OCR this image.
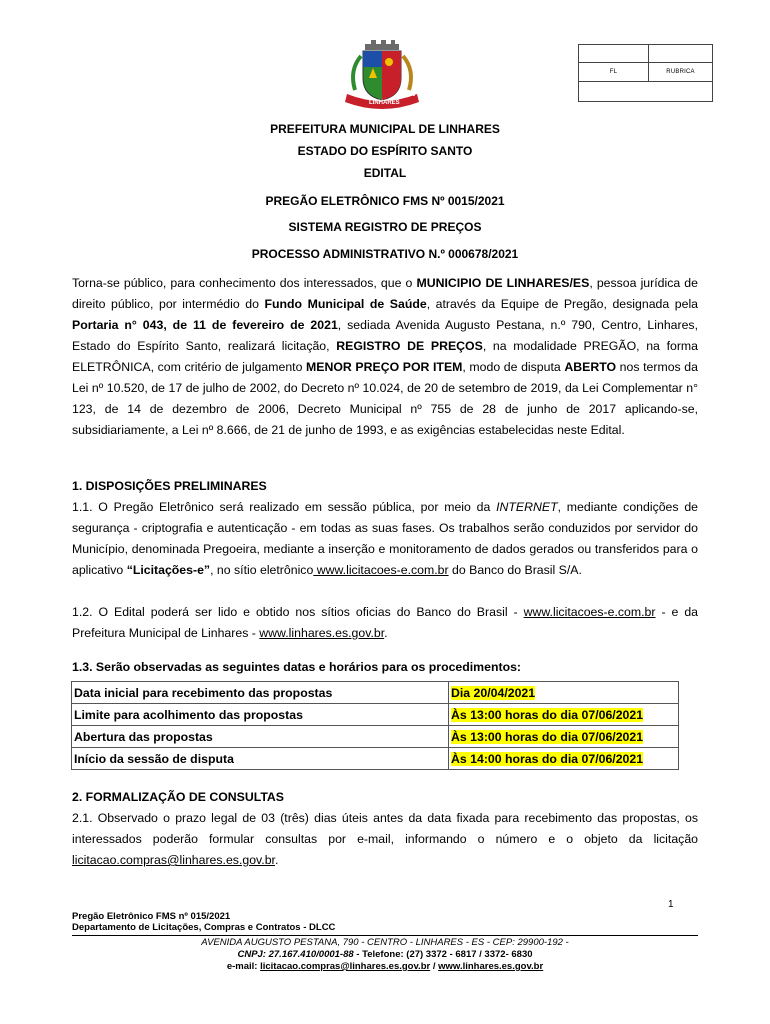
1800	1943
LINHARES
FL	RUBRICA
PREFEITURA MUNICIPAL DE LINHARES
ESTADO DO ESPÍRITO SANTO
EDITAL
PREGÃO ELETRÔNICO FMS Nº 0015/2021
SISTEMA REGISTRO DE PREÇOS
PROCESSO ADMINISTRATIVO N.º 000678/2021
Torna-se público, para conhecimento dos interessados, que o MUNICIPIO DE LINHARES/ES, pessoa jurídica de direito público, por intermédio do Fundo Municipal de Saúde, através da Equipe de Pregão, designada pela Portaria n° 043, de 11 de fevereiro de 2021, sediada Avenida Augusto Pestana, n.º 790, Centro, Linhares, Estado do Espírito Santo, realizará licitação, REGISTRO DE PREÇOS, na modalidade PREGÃO, na forma ELETRÔNICA, com critério de julgamento MENOR PREÇO POR ITEM, modo de disputa ABERTO nos termos da Lei nº 10.520, de 17 de julho de 2002, do Decreto nº 10.024, de 20 de setembro de 2019, da Lei Complementar n° 123, de 14 de dezembro de 2006, Decreto Municipal nº 755 de 28 de junho de 2017 aplicando-se, subsidiariamente, a Lei nº 8.666, de 21 de junho de 1993, e as exigências estabelecidas neste Edital.
1. DISPOSIÇÕES PRELIMINARES
1.1. O Pregão Eletrônico será realizado em sessão pública, por meio da INTERNET, mediante condições de segurança - criptografia e autenticação - em todas as suas fases. Os trabalhos serão conduzidos por servidor do Município, denominada Pregoeira, mediante a inserção e monitoramento de dados gerados ou transferidos para o aplicativo “Licitações-e”, no sítio eletrônico www.licitacoes-e.com.br do Banco do Brasil S/A.
1.2. O Edital poderá ser lido e obtido nos sítios oficias do Banco do Brasil - www.licitacoes-e.com.br - e da Prefeitura Municipal de Linhares - www.linhares.es.gov.br.
1.3. Serão observadas as seguintes datas e horários para os procedimentos:
Data inicial para recebimento das propostas	Dia 20/04/2021
Limite para acolhimento das propostas	Às 13:00 horas do dia 07/06/2021
Abertura das propostas	Às 13:00 horas do dia 07/06/2021
Início da sessão de disputa	Às 14:00 horas do dia 07/06/2021
2. FORMALIZAÇÃO DE CONSULTAS
2.1. Observado o prazo legal de 03 (três) dias úteis antes da data fixada para recebimento das propostas, os interessados poderão formular consultas por e-mail, informando o número e o objeto da licitação licitacao.compras@linhares.es.gov.br.
1
Pregão Eletrônico FMS nº 015/2021
Departamento de Licitações, Compras e Contratos - DLCC
AVENIDA AUGUSTO PESTANA, 790 - CENTRO - LINHARES - ES - CEP: 29900-192 -
CNPJ: 27.167.410/0001-88 - Telefone: (27) 3372 - 6817 / 3372- 6830
e-mail: licitacao.compras@linhares.es.gov.br / www.linhares.es.gov.br
